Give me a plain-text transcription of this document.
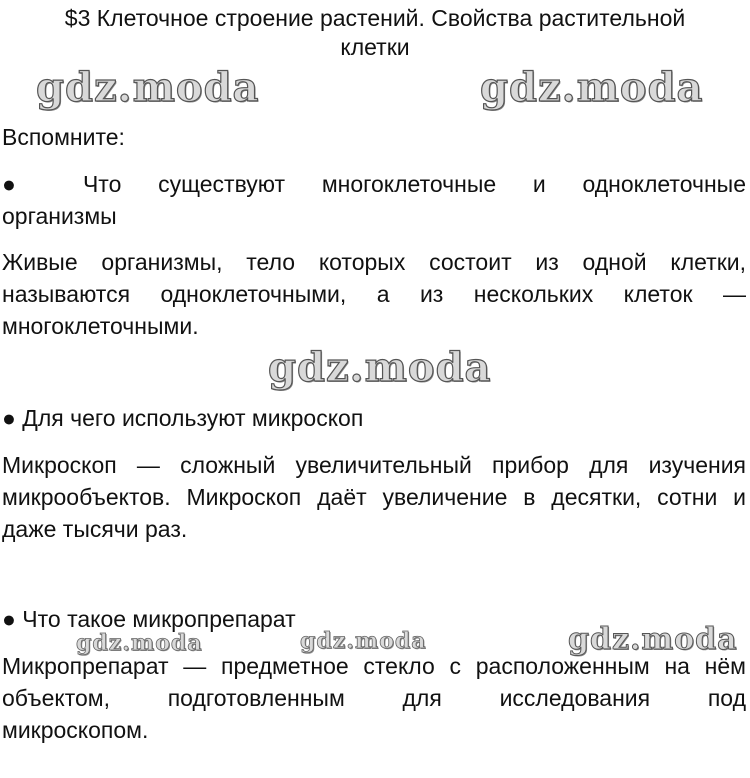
$3 Клеточное строение растений. Свойства растительной
клетки
gdz.moda	gdz.moda
Вспомните:
● Что существуют многоклеточные и одноклеточные
организмы
Живые организмы, тело которых состоит из одной клетки,
называются одноклеточными, а из нескольких клеток —
многоклеточными.
gdz.moda
● Для чего используют микроскоп
Микроскоп — сложный увеличительный прибор для изучения
микрообъектов. Микроскоп даёт увеличение в десятки, сотни и
даже тысячи раз.
● Что такое микропрепарат
gdz.moda	gdz.moda	gdz.moda
Микропрепарат — предметное стекло с расположенным на нём
объектом, подготовленным для исследования под
микроскопом.
